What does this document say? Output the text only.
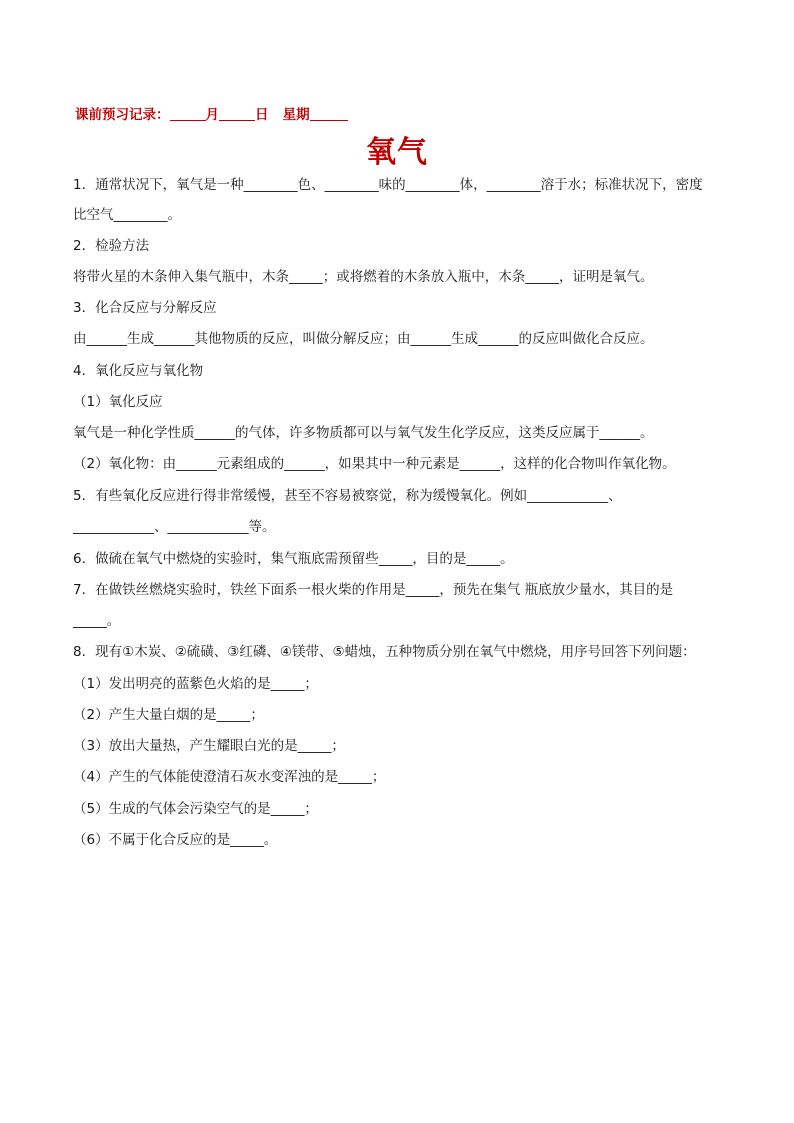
课前预习记录：	月	日 星期
氧气
1．通常状况下，氧气是一种________色、________味的________体，________溶于水；标准状况下，密度
比空气________。
2．检验方法
将带火星的木条伸入集气瓶中，木条_____；或将燃着的木条放入瓶中，木条_____，证明是氧气。
3．化合反应与分解反应
由______生成______其他物质的反应，叫做分解反应；由______生成______的反应叫做化合反应。
4．氧化反应与氧化物
（1）氧化反应
氧气是一种化学性质______的气体，许多物质都可以与氧气发生化学反应，这类反应属于______。
（2）氧化物：由______元素组成的______，如果其中一种元素是______，这样的化合物叫作氧化物。
5．有些氧化反应进行得非常缓慢，甚至不容易被察觉，称为缓慢氧化。例如____________、
____________、____________等。
6．做硫在氧气中燃烧的实验时，集气瓶底需预留些_____，目的是_____。
7．在做铁丝燃烧实验时，铁丝下面系一根火柴的作用是_____，预先在集气 瓶底放少量水，其目的是
_____。
8．现有①木炭、②硫磺、③红磷、④镁带、⑤蜡烛，五种物质分别在氧气中燃烧，用序号回答下列问题：
（1）发出明亮的蓝紫色火焰的是_____；
（2）产生大量白烟的是_____；
（3）放出大量热，产生耀眼白光的是_____；
（4）产生的气体能使澄清石灰水变浑浊的是_____；
（5）生成的气体会污染空气的是_____；
（6）不属于化合反应的是_____。
